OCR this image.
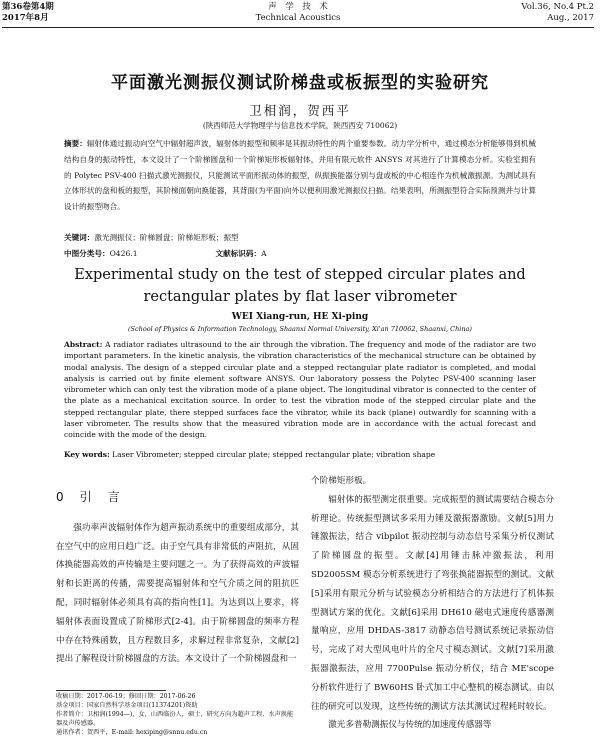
第36卷第4期
2017年8月
声　学　技　术
Technical Acoustics
Vol.36, No.4 Pt.2
Aug., 2017
平面激光测振仪测试阶梯盘或板振型的实验研究
卫相润，贺西平
(陕西师范大学物理学与信息技术学院，陕西西安 710062)
摘要：辐射体通过振动向空气中辐射超声波，辐射体的振型和频率是其振动特性的两个重要参数。动力学分析中，通过模态分析能够得到机械结构自身的振动特性，本文设计了一个阶梯圆盘和一个阶梯矩形板辐射体，并用有限元软件 ANSYS 对其进行了计算模态分析。实验室拥有的 Polytec PSV-400 扫描式激光测振仪，只能测试平面形振动体的振型，纵振换能器分别与盘或板的中心相连作为机械激振源。为测试具有立体形状的盘和板的振型，其阶梯面朝向换能器，其背面(为平面)向外以便利用激光测振仪扫描。结果表明，所测振型符合实际预测并与计算设计的振型吻合。
关键词：激光测振仪；阶梯圆盘；阶梯矩形板；振型
中图分类号：O426.1	文献标识码：A
Experimental study on the test of stepped circular plates and
rectangular plates by flat laser vibrometer
WEI Xiang-run, HE Xi-ping
(School of Physics & Information Technology, Shaanxi Normal University, Xi'an 710062, Shaanxi, China)
Abstract: A radiator radiates ultrasound to the air through the vibration. The frequency and mode of the radiator are two important parameters. In the kinetic analysis, the vibration characteristics of the mechanical structure can be obtained by modal analysis. The design of a stepped circular plate and a stepped rectangular plate radiator is completed, and modal analysis is carried out by finite element software ANSYS. Our laboratory possess the Polytec PSV-400 scanning laser vibrometer which can only test the vibration mode of a plane object. The longitudinal vibrator is connected to the center of the plate as a mechanical excitation source. In order to test the vibration mode of the stepped circular plate and the stepped rectangular plate, there stepped surfaces face the vibrator, while its back (plane) outwardly for scanning with a laser vibrometer. The results show that the measured vibration mode are in accordance with the actual forecast and coincide with the mode of the design.
Key words: Laser Vibrometer; stepped circular plate; stepped rectangular plate; vibration shape
0　引　言

强功率声波辐射体作为超声振动系统中的重要组成部分，其在空气中的应用日趋广泛。由于空气具有非常低的声阻抗，从固体换能器高效的声传输是主要问题之一。为了获得高效的声波辐射和长距离的传播，需要提高辐射体和空气介质之间的阻抗匹配，同时辐射体必须具有高的指向性[1]。为达到以上要求，将辐射体表面设置成了阶梯形式[2-4]。由于阶梯圆盘的频率方程中存在特殊函数，且方程数目多，求解过程非常复杂，文献[2]提出了解程设计阶梯圆盘的方法。本文设计了一个阶梯圆盘和一

个阶梯矩形板。

辐射体的振型测定很重要。完成振型的测试需要结合模态分析理论。传统振型测试多采用力锤及激振器激励。文献[5]用力锤激振法，结合 vibpilot 振动控制与动态信号采集分析仪测试了阶梯圆盘的振型。文献[4]用锤击脉冲激振法，利用 SD2005SM 模态分析系统进行了弯张换能器振型的测试。文献[5]采用有限元分析与试验模态分析相结合的方法进行了机体振型测试方案的优化。文献[6]采用 DH610 磁电式速度传感器测量响应，应用 DHDAS-3817 动静态信号测试系统记录振动信号，完成了对大型风电叶片的全尺寸模态测试。文献[7]采用激振器激振法，应用 7700Pulse 振动分析仪，结合 ME'scope 分析软件进行了 BW60HS 卧式加工中心整机的模态测试。由以往的研究可以发现，这些传统的测试方法其测试过程耗时较长。

激光多普勒测振仪与传统的加速度传感器等

收稿日期：2017-06-19；修回日期：2017-06-26
基金项目：国家自然科学基金项目(11374201)资助
作者简介：卫相润(1994—)，女，山西临汾人，硕士，研究方向为超声工程、水声换能器及声传感器。
通讯作者：贺西平，E-mail: hexiping@snnu.edu.cn
